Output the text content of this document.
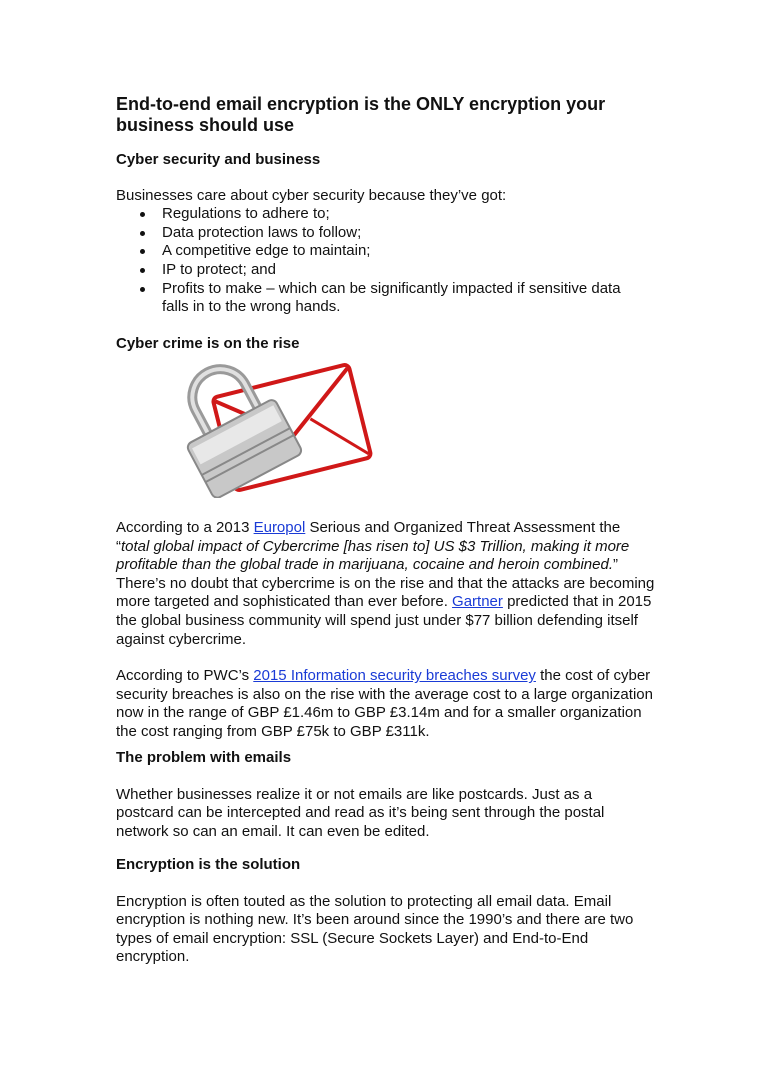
End-to-end email encryption is the ONLY encryption your business should use

Cyber security and business

Businesses care about cyber security because they’ve got:

Regulations to adhere to;
Data protection laws to follow;
A competitive edge to maintain;
IP to protect; and
Profits to make – which can be significantly impacted if sensitive data falls in to the wrong hands.
Cyber crime is on the rise

According to a 2013 Europol Serious and Organized Threat Assessment the “total global impact of Cybercrime [has risen to] US $3 Trillion, making it more profitable than the global trade in marijuana, cocaine and heroin combined.” There’s no doubt that cybercrime is on the rise and that the attacks are becoming more targeted and sophisticated than ever before. Gartner predicted that in 2015 the global business community will spend just under $77 billion defending itself against cybercrime.

According to PWC’s 2015 Information security breaches survey the cost of cyber security breaches is also on the rise with the average cost to a large organization now in the range of GBP £1.46m to GBP £3.14m and for a smaller organization the cost ranging from GBP £75k to GBP £311k.

The problem with emails

Whether businesses realize it or not emails are like postcards. Just as a postcard can be intercepted and read as it’s being sent through the postal network so can an email. It can even be edited.

Encryption is the solution

Encryption is often touted as the solution to protecting all email data. Email encryption is nothing new. It’s been around since the 1990’s and there are two types of email encryption: SSL (Secure Sockets Layer) and End-to-End encryption.
